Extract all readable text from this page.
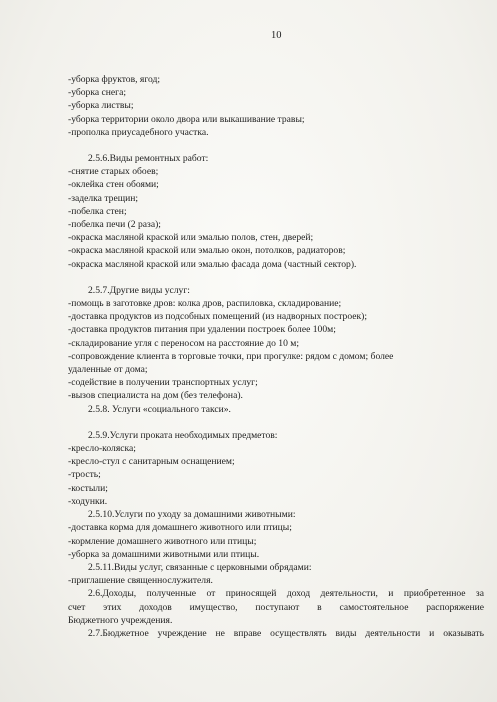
10
-уборка фруктов, ягод;
-уборка снега;
-уборка листвы;
-уборка территории около двора или выкашивание травы;
-прополка приусадебного участка.
2.5.6.Виды ремонтных работ:
-снятие старых обоев;
-оклейка стен обоями;
-заделка трещин;
-побелка стен;
-побелка печи (2 раза);
-окраска масляной краской или эмалью полов, стен, дверей;
-окраска масляной краской или эмалью окон, потолков, радиаторов;
-окраска масляной краской или эмалью фасада дома (частный сектор).
2.5.7.Другие виды услуг:
-помощь в заготовке дров: колка дров, распиловка, складирование;
-доставка продуктов из подсобных помещений (из надворных построек);
-доставка продуктов питания при удалении построек более 100м;
-складирование угля с переносом на расстояние до 10 м;
-сопровождение клиента в торговые точки, при прогулке: рядом с домом; более
удаленные от дома;
-содействие в получении транспортных услуг;
-вызов специалиста на дом (без телефона).
2.5.8. Услуги «социального такси».
2.5.9.Услуги проката необходимых предметов:
-кресло-коляска;
-кресло-стул с санитарным оснащением;
-трость;
-костыли;
-ходунки.
2.5.10.Услуги по уходу за домашними животными:
-доставка корма для домашнего животного или птицы;
-кормление домашнего животного или птицы;
-уборка за домашними животными или птицы.
2.5.11.Виды услуг, связанные с церковными обрядами:
-приглашение священнослужителя.
2.6.Доходы, полученные от приносящей доход деятельности, и приобретенное за
счет этих доходов имущество, поступают в самостоятельное распоряжение
Бюджетного учреждения.
2.7.Бюджетное учреждение не вправе осуществлять виды деятельности и оказывать
